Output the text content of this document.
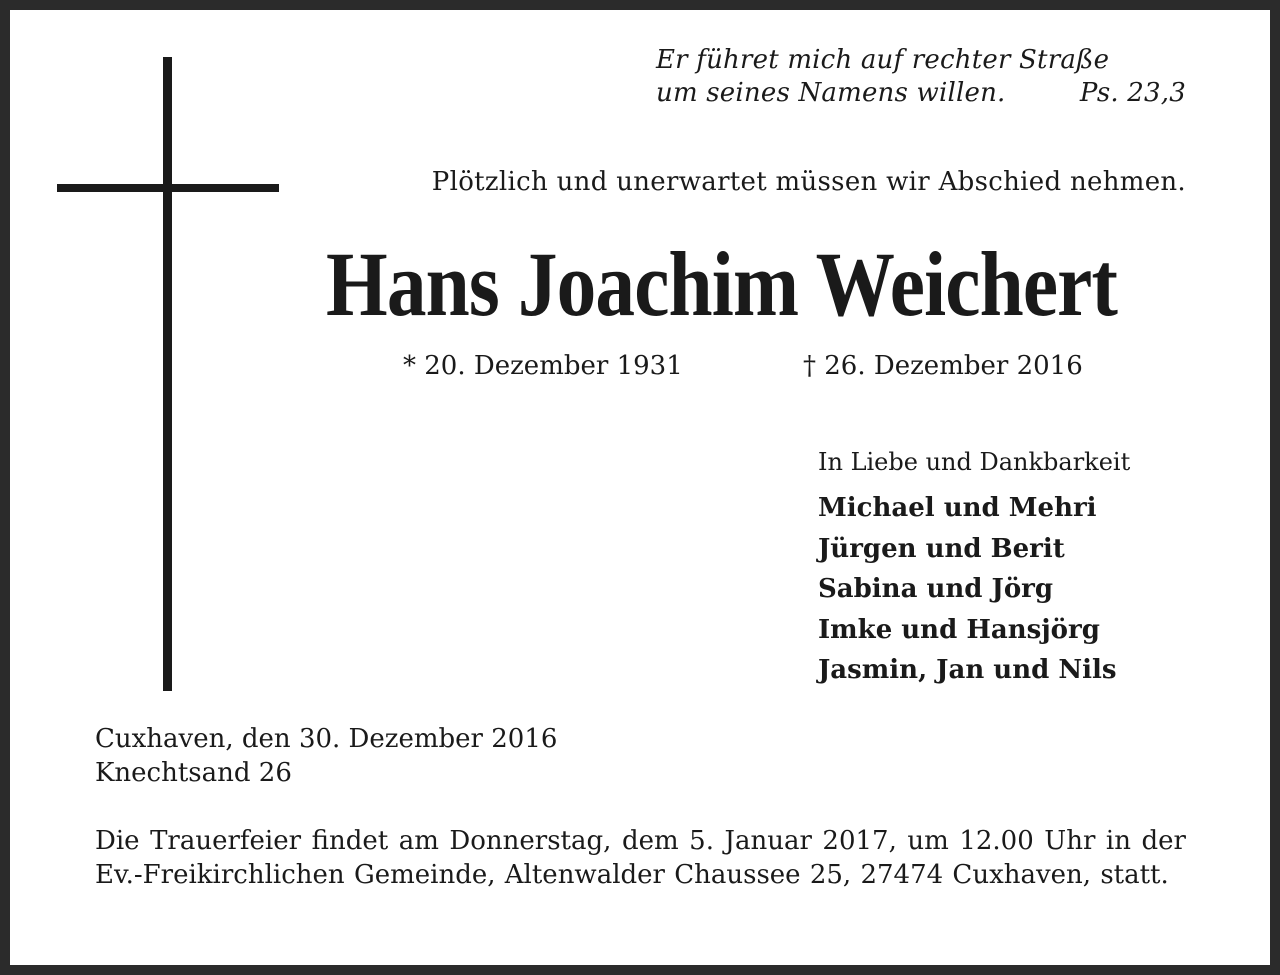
Er führet mich auf rechter Straße
um seines Namens willen.	Ps. 23,3
Plötzlich und unerwartet müssen wir Abschied nehmen.
Hans Joachim Weichert
* 20. Dezember 1931	† 26. Dezember 2016
In Liebe und Dankbarkeit
Michael und Mehri
Jürgen und Berit
Sabina und Jörg
Imke und Hansjörg
Jasmin, Jan und Nils
Cuxhaven, den 30. Dezember 2016
Knechtsand 26
Die Trauerfeier findet am Donnerstag, dem 5. Januar 2017, um 12.00 Uhr in der Ev.-Freikirchlichen Gemeinde, Altenwalder Chaussee 25, 27474 Cuxhaven, statt.
